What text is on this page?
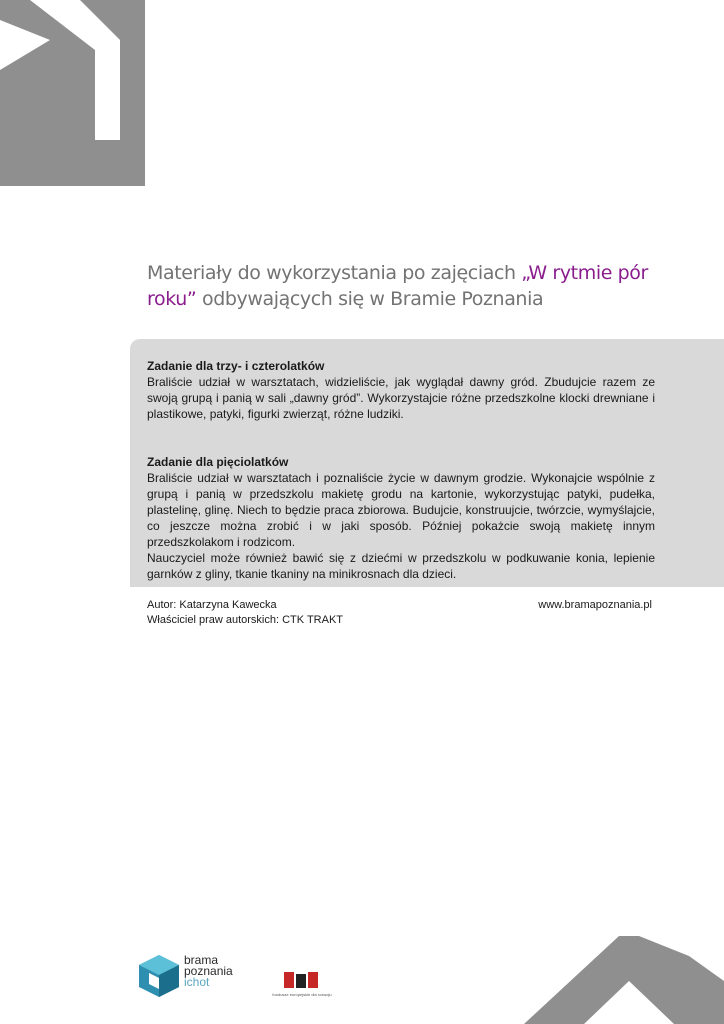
Materiały do wykorzystania po zajęciach „W rytmie pór roku” odbywających się w Bramie Poznania
Zadanie dla trzy- i czterolatków

Braliście udział w warsztatach, widzieliście, jak wyglądał dawny gród. Zbudujcie razem ze swoją grupą i panią w sali „dawny gród”. Wykorzystajcie różne przedszkolne klocki drewniane i plastikowe, patyki, figurki zwierząt, różne ludziki.

Zadanie dla pięciolatków

Braliście udział w warsztatach i poznaliście życie w dawnym grodzie. Wykonajcie wspólnie z grupą i panią w przedszkolu makietę grodu na kartonie, wykorzystując patyki, pudełka, plastelinę, glinę. Niech to będzie praca zbiorowa. Budujcie, konstruujcie, twórzcie, wymyślajcie, co jeszcze można zrobić i w jaki sposób. Później pokażcie swoją makietę innym przedszkolakom i rodzicom.

Nauczyciel może również bawić się z dziećmi w przedszkolu w podkuwanie konia, lepienie garnków z gliny, tkanie tkaniny na minikrosnach dla dzieci.

Autor: Katarzyna Kawecka
Właściciel praw autorskich: CTK TRAKT
www.bramapoznania.pl
brama
poznania
ichot
fundusze europejskie dla rozwoju
